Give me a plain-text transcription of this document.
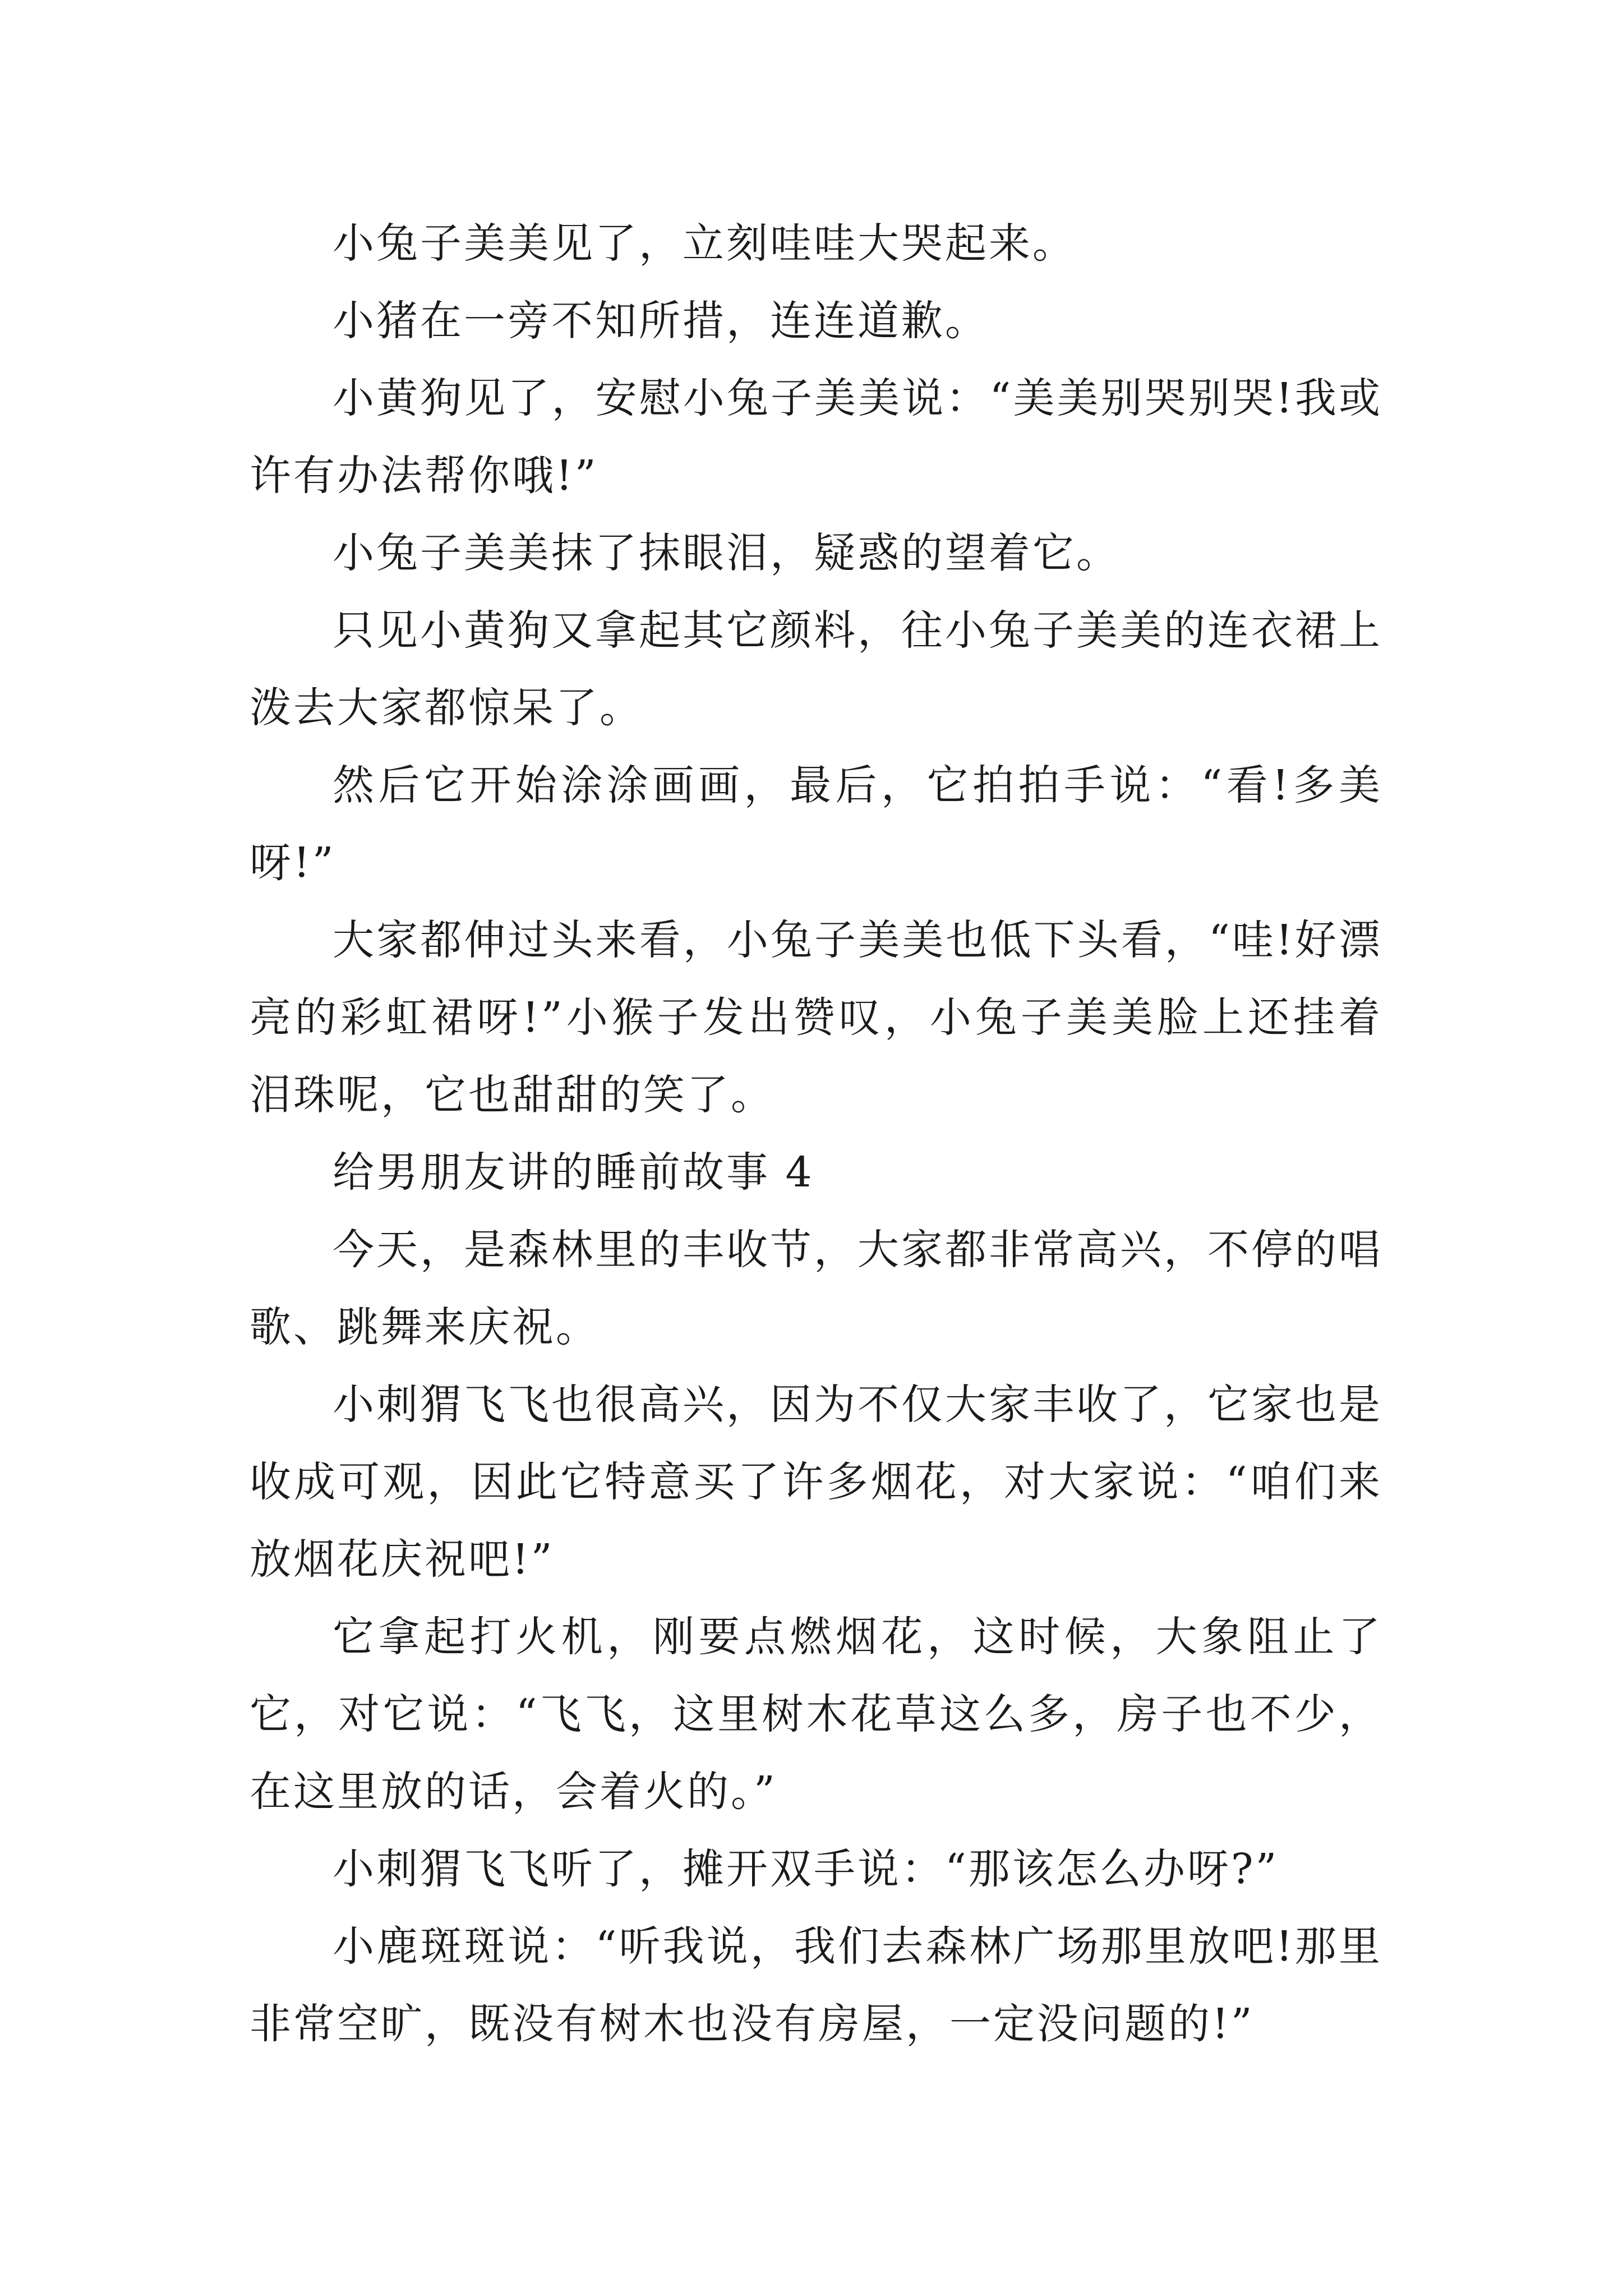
小兔子美美见了，立刻哇哇大哭起来。

小猪在一旁不知所措，连连道歉。

小黄狗见了，安慰小兔子美美说：“美美别哭别哭!我或许有办法帮你哦!”

小兔子美美抹了抹眼泪，疑惑的望着它。

只见小黄狗又拿起其它颜料，往小兔子美美的连衣裙上泼去大家都惊呆了。

然后它开始涂涂画画，最后，它拍拍手说：“看!多美呀!”

大家都伸过头来看，小兔子美美也低下头看，“哇!好漂亮的彩虹裙呀!”小猴子发出赞叹，小兔子美美脸上还挂着泪珠呢，它也甜甜的笑了。

给男朋友讲的睡前故事 4

今天，是森林里的丰收节，大家都非常高兴，不停的唱歌、跳舞来庆祝。

小刺猬飞飞也很高兴，因为不仅大家丰收了，它家也是收成可观，因此它特意买了许多烟花，对大家说：“咱们来放烟花庆祝吧!”

它拿起打火机，刚要点燃烟花，这时候，大象阻止了它，对它说：“飞飞，这里树木花草这么多，房子也不少，在这里放的话，会着火的。”

小刺猬飞飞听了，摊开双手说：“那该怎么办呀?”

小鹿斑斑说：“听我说，我们去森林广场那里放吧!那里非常空旷，既没有树木也没有房屋，一定没问题的!”
